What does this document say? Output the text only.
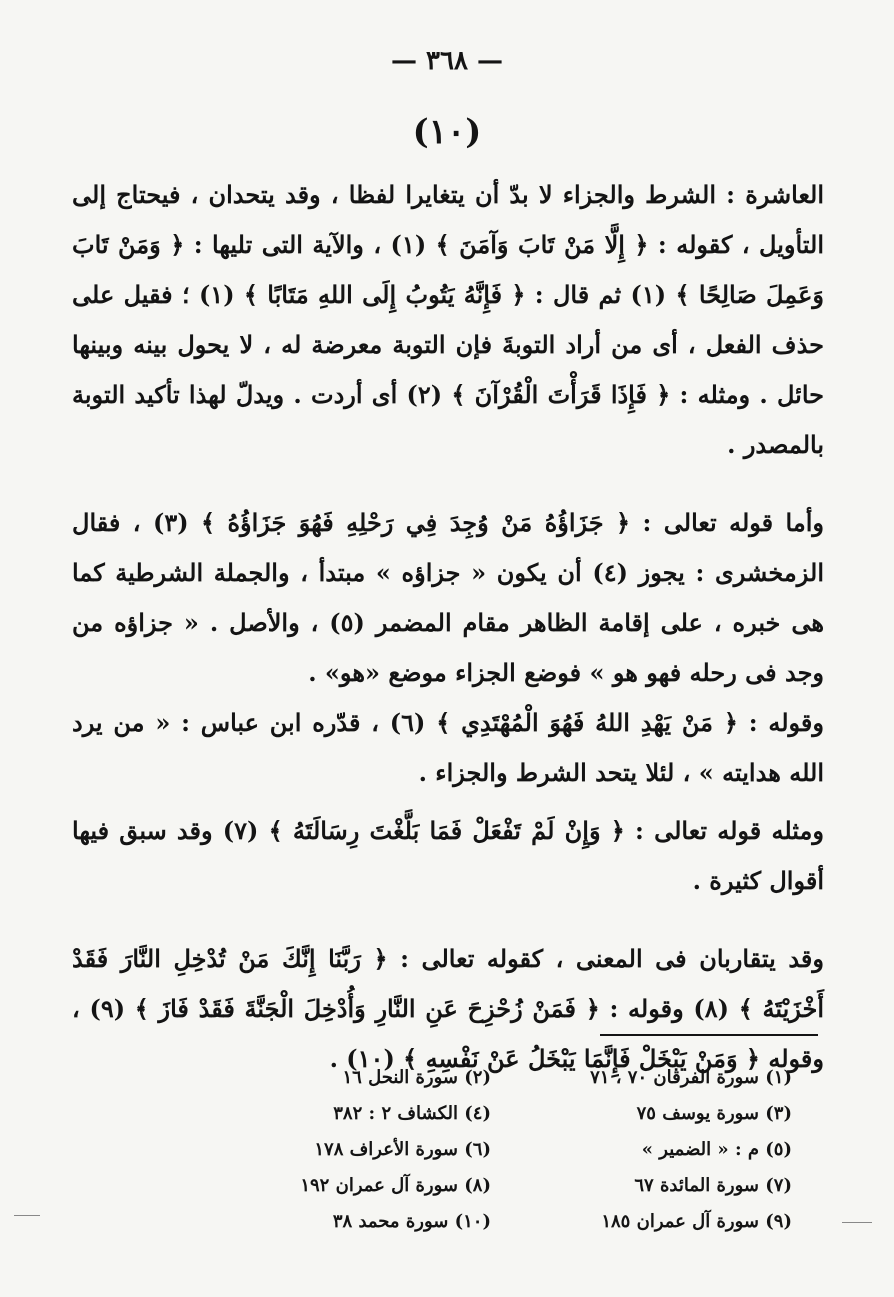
— ٣٦٨ —
(١٠)

العاشرة : الشرط والجزاء لا بدّ أن يتغايرا لفظا ، وقد يتحدان ، فيحتاج إلى التأويل ، كقوله : ﴿ إِلَّا مَنْ تَابَ وَآمَنَ ﴾ (١) ، والآية التى تليها : ﴿ وَمَنْ تَابَ وَعَمِلَ صَالِحًا ﴾ (١) ثم قال : ﴿ فَإِنَّهُ يَتُوبُ إِلَى اللهِ مَتَابًا ﴾ (١) ؛ فقيل على حذف الفعل ، أى من أراد التوبةَ فإن التوبة معرضة له ، لا يحول بينه وبينها حائل . ومثله : ﴿ فَإِذَا قَرَأْتَ الْقُرْآنَ ﴾ (٢) أى أردت . ويدلّ لهذا تأكيد التوبة بالمصدر .

وأما قوله تعالى : ﴿ جَزَاؤُهُ مَنْ وُجِدَ فِي رَحْلِهِ فَهُوَ جَزَاؤُهُ ﴾ (٣) ، فقال الزمخشرى : يجوز (٤) أن يكون « جزاؤه » مبتدأ ، والجملة الشرطية كما هى خبره ، على إقامة الظاهر مقام المضمر (٥) ، والأصل . « جزاؤه من وجد فى رحله فهو هو » فوضع الجزاء موضع «هو» .

وقوله : ﴿ مَنْ يَهْدِ اللهُ فَهُوَ الْمُهْتَدِي ﴾ (٦) ، قدّره ابن عباس : « من يرد الله هدايته » ، لئلا يتحد الشرط والجزاء .

ومثله قوله تعالى : ﴿ وَإِنْ لَمْ تَفْعَلْ فَمَا بَلَّغْتَ رِسَالَتَهُ ﴾ (٧) وقد سبق فيها أقوال كثيرة .

وقد يتقاربان فى المعنى ، كقوله تعالى : ﴿ رَبَّنَا إِنَّكَ مَنْ تُدْخِلِ النَّارَ فَقَدْ أَخْزَيْتَهُ ﴾ (٨) وقوله : ﴿ فَمَنْ زُحْزِحَ عَنِ النَّارِ وَأُدْخِلَ الْجَنَّةَ فَقَدْ فَازَ ﴾ (٩) ، وقوله ﴿ وَمَنْ يَبْخَلْ فَإِنَّمَا يَبْخَلُ عَنْ نَفْسِهِ ﴾ (١٠) .

(١) سورة الفرقان ٧٠ ، ٧١
(٢) سورة النحل ١٦
(٣) سورة يوسف ٧٥
(٤) الكشاف ٢ : ٣٨٢
(٥) م : « الضمير »
(٦) سورة الأعراف ١٧٨
(٧) سورة المائدة ٦٧
(٨) سورة آل عمران ١٩٢
(٩) سورة آل عمران ١٨٥
(١٠) سورة محمد ٣٨
